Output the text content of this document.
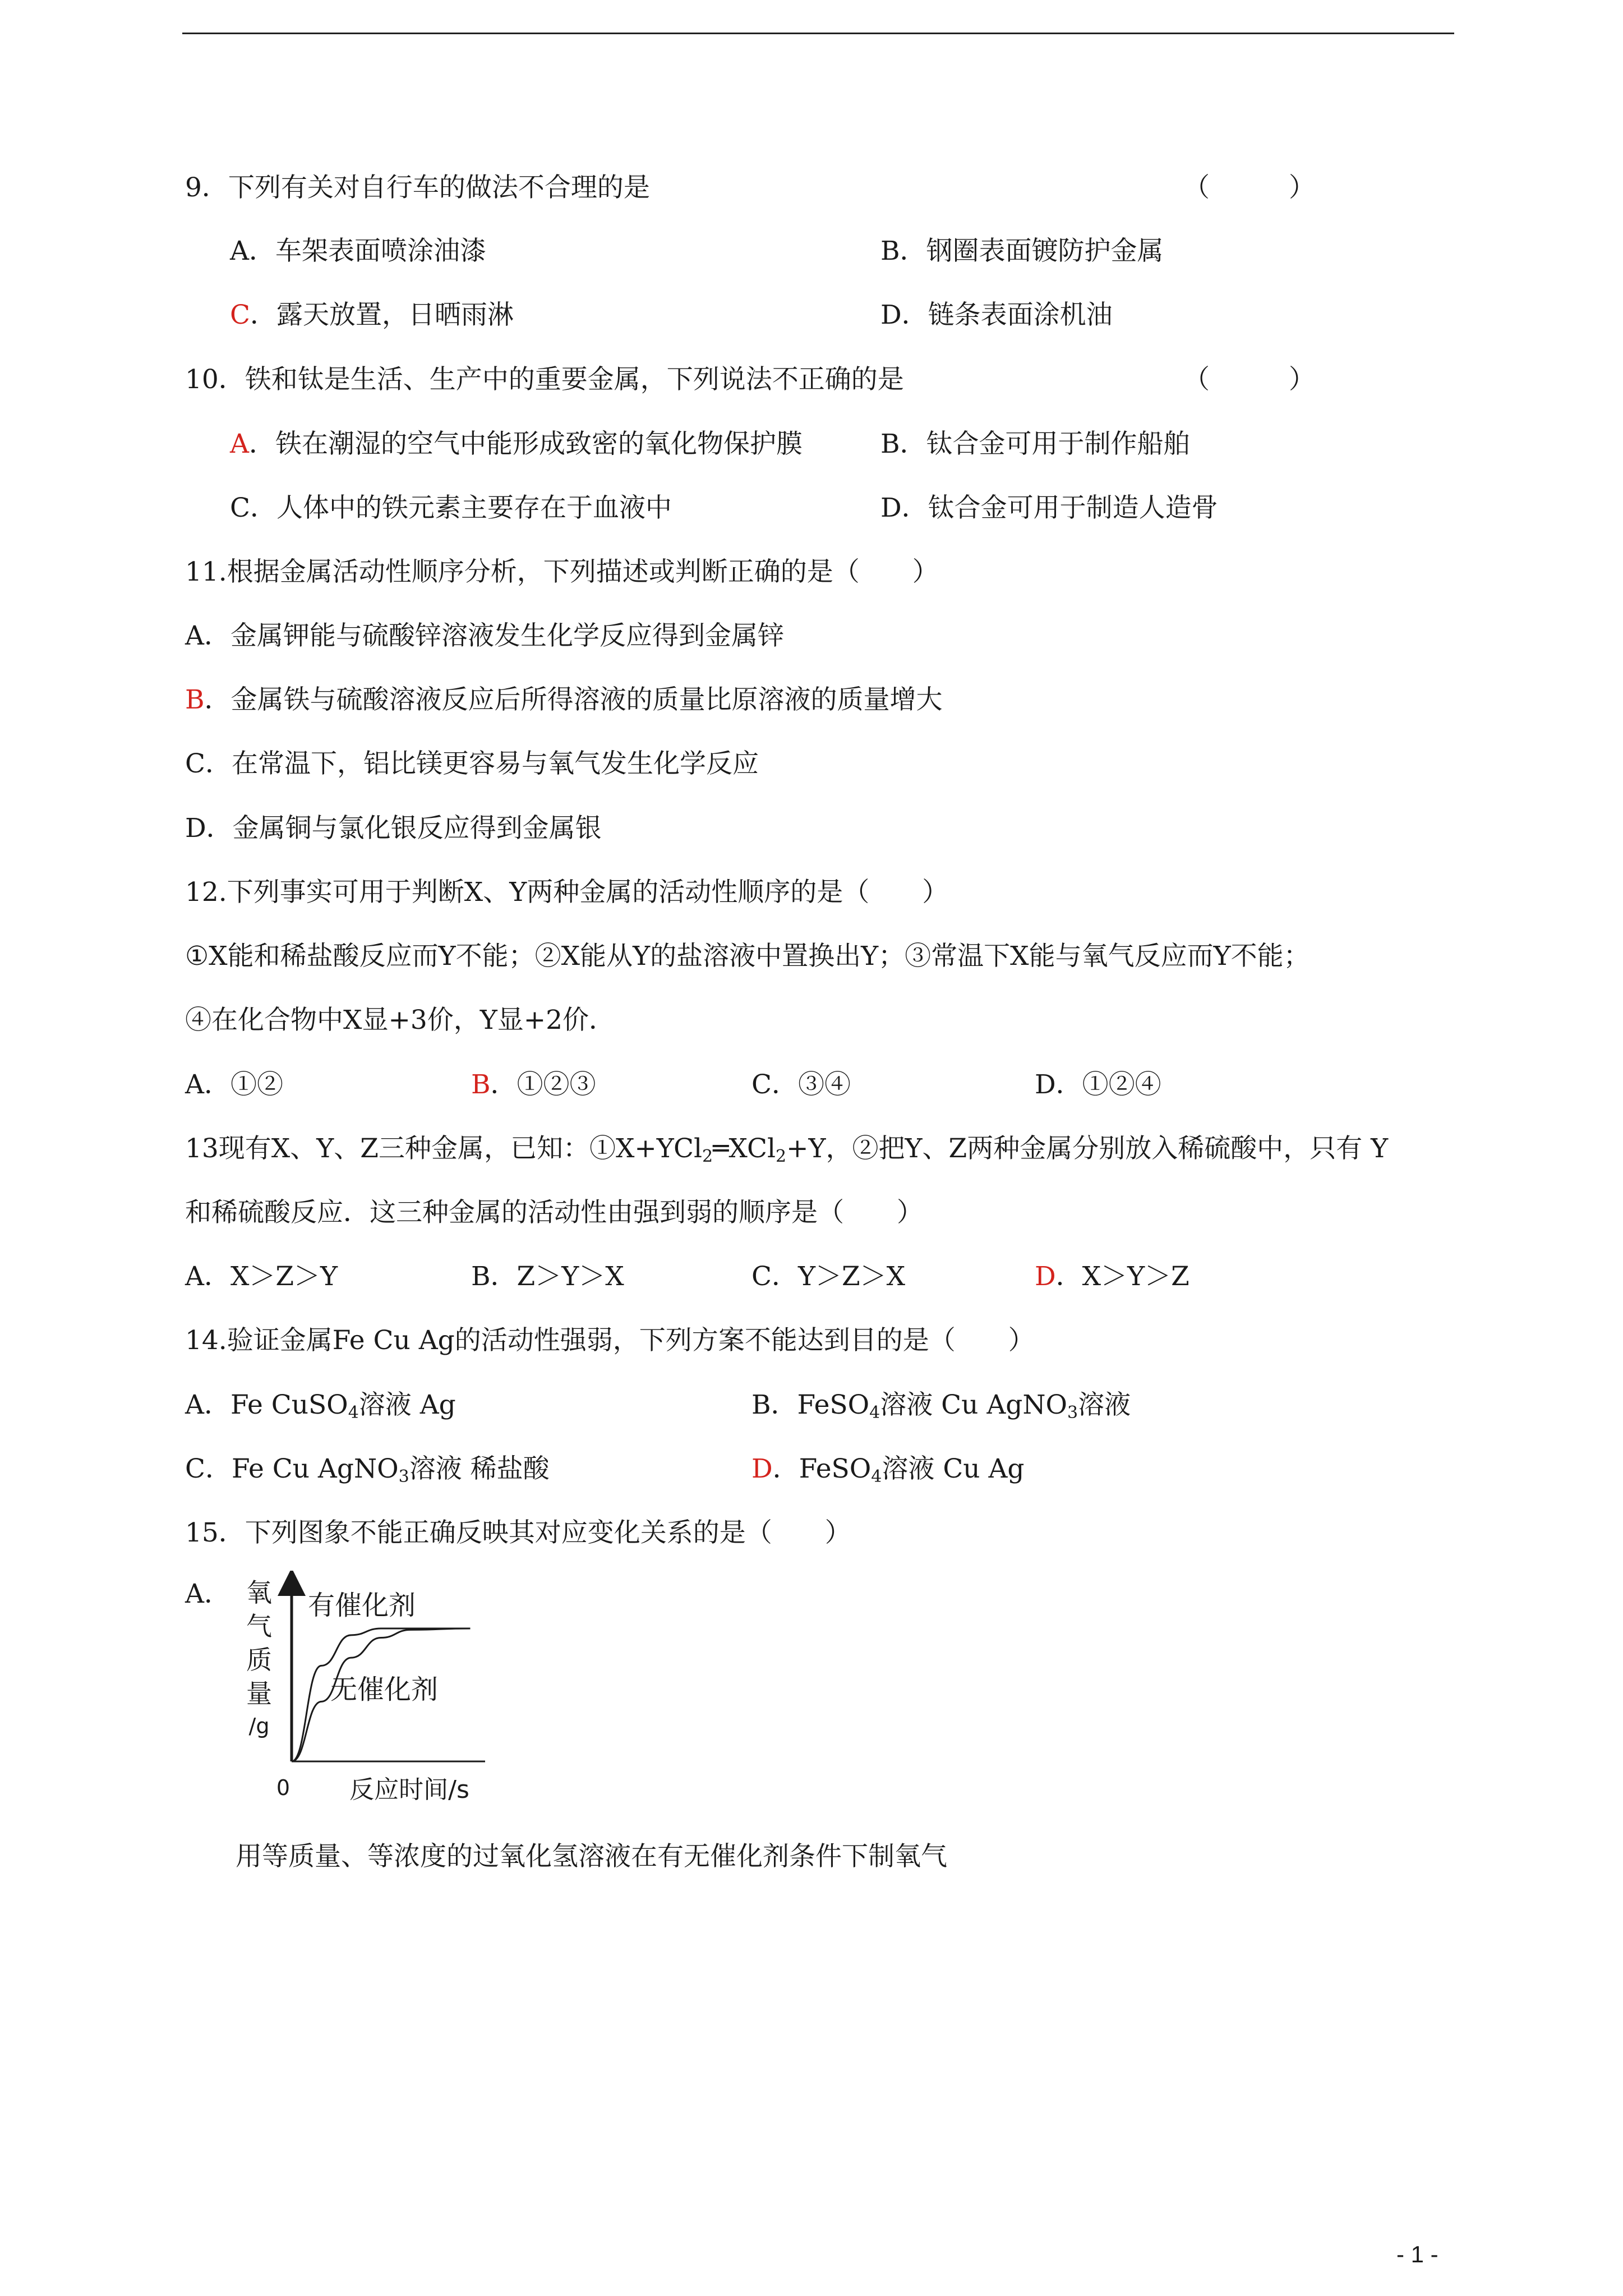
9．下列有关对自行车的做法不合理的是	（　　　）
A．车架表面喷涂油漆	B．钢圈表面镀防护金属
C．露天放置，日晒雨淋	D．链条表面涂机油
10．铁和钛是生活、生产中的重要金属，下列说法不正确的是	（　　　）
A．铁在潮湿的空气中能形成致密的氧化物保护膜	B．钛合金可用于制作船舶
C．人体中的铁元素主要存在于血液中	D．钛合金可用于制造人造骨
11.根据金属活动性顺序分析，下列描述或判断正确的是（　　）
A．金属钾能与硫酸锌溶液发生化学反应得到金属锌
B．金属铁与硫酸溶液反应后所得溶液的质量比原溶液的质量增大
C．在常温下，铝比镁更容易与氧气发生化学反应
D．金属铜与氯化银反应得到金属银
12.下列事实可用于判断X、Y两种金属的活动性顺序的是（　　）
①X能和稀盐酸反应而Y不能；②X能从Y的盐溶液中置换出Y；③常温下X能与氧气反应而Y不能；
④在化合物中X显+3价，Y显+2价．
A．①②	B．①②③	C．③④	D．①②④
13现有X、Y、Z三种金属，已知：①X+YCl$_2$═XCl$_2$+Y，②把Y、Z两种金属分别放入稀硫酸中，只有 Y
和稀硫酸反应．这三种金属的活动性由强到弱的顺序是（　　）
A．X＞Z＞Y	B．Z＞Y＞X	C．Y＞Z＞X	D．X＞Y＞Z
14.验证金属Fe Cu Ag的活动性强弱，下列方案不能达到目的是（　　）
A．Fe CuSO$_4$溶液 Ag	B．FeSO$_4$溶液 Cu AgNO$_3$溶液
C．Fe Cu AgNO$_3$溶液 稀盐酸	D．FeSO$_4$溶液 Cu Ag
15．下列图象不能正确反映其对应变化关系的是（　　）
A． 氧
气
质
量
/g
0 反应时间/s
有催化剂
无催化剂
用等质量、等浓度的过氧化氢溶液在有无催化剂条件下制氧气
- 1 -
